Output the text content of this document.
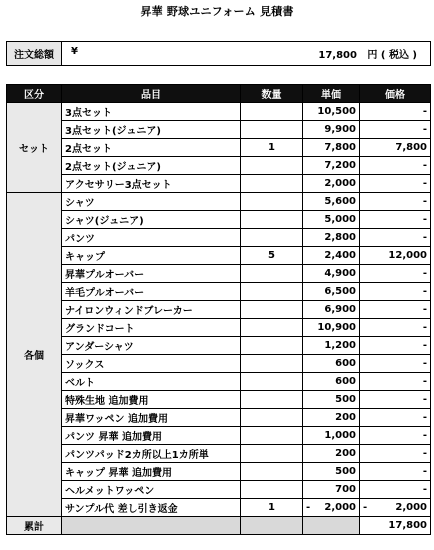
昇華 野球ユニフォーム 見積書
注文総額	¥	17,800 円 ( 税込 )
区分	品目	数量	単価	価格
セット	3点セット		10,500	-
	3点セット(ジュニア)		9,900	-
	2点セット	1	7,800	7,800
	2点セット(ジュニア)		7,200	-
	アクセサリー3点セット		2,000	-
各個	シャツ		5,600	-
	シャツ(ジュニア)		5,000	-
	パンツ		2,800	-
	キャップ	5	2,400	12,000
	昇華プルオーバー		4,900	-
	羊毛プルオーバー		6,500	-
	ナイロンウィンドブレーカー		6,900	-
	グランドコート		10,900	-
	アンダーシャツ		1,200	-
	ソックス		600	-
	ベルト		600	-
	特殊生地 追加費用		500	-
	昇華ワッペン 追加費用		200	-
	パンツ 昇華 追加費用		1,000	-
	パンツパッド2カ所以上1カ所単		200	-
	キャップ 昇華 追加費用		500	-
	ヘルメットワッペン		700	-
	サンプル代 差し引き返金	1	- 2,000	- 2,000

累計				17,800
